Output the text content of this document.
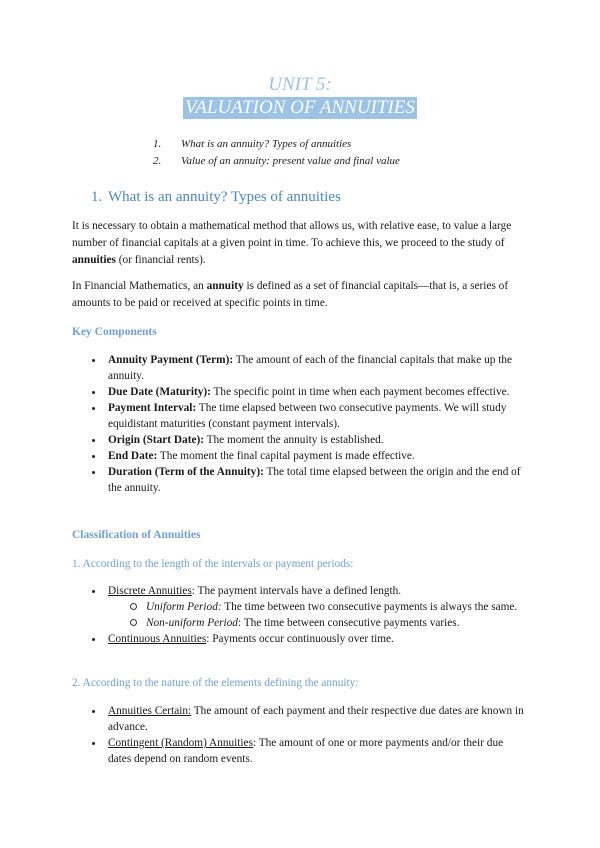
UNIT 5:
VALUATION OF ANNUITIES
1. What is an annuity? Types of annuities
2. Value of an annuity: present value and final value
1. What is an annuity? Types of annuities
It is necessary to obtain a mathematical method that allows us, with relative ease, to value a large number of financial capitals at a given point in time. To achieve this, we proceed to the study of annuities (or financial rents).
In Financial Mathematics, an annuity is defined as a set of financial capitals—that is, a series of amounts to be paid or received at specific points in time.
Key Components
Annuity Payment (Term): The amount of each of the financial capitals that make up the annuity.
Due Date (Maturity): The specific point in time when each payment becomes effective.
Payment Interval: The time elapsed between two consecutive payments. We will study equidistant maturities (constant payment intervals).
Origin (Start Date): The moment the annuity is established.
End Date: The moment the final capital payment is made effective.
Duration (Term of the Annuity): The total time elapsed between the origin and the end of the annuity.
Classification of Annuities
1. According to the length of the intervals or payment periods:
Discrete Annuities: The payment intervals have a defined length.
Uniform Period: The time between two consecutive payments is always the same.
Non-uniform Period: The time between consecutive payments varies.
Continuous Annuities: Payments occur continuously over time.
2. According to the nature of the elements defining the annuity:
Annuities Certain: The amount of each payment and their respective due dates are known in advance.
Contingent (Random) Annuities: The amount of one or more payments and/or their due dates depend on random events.
